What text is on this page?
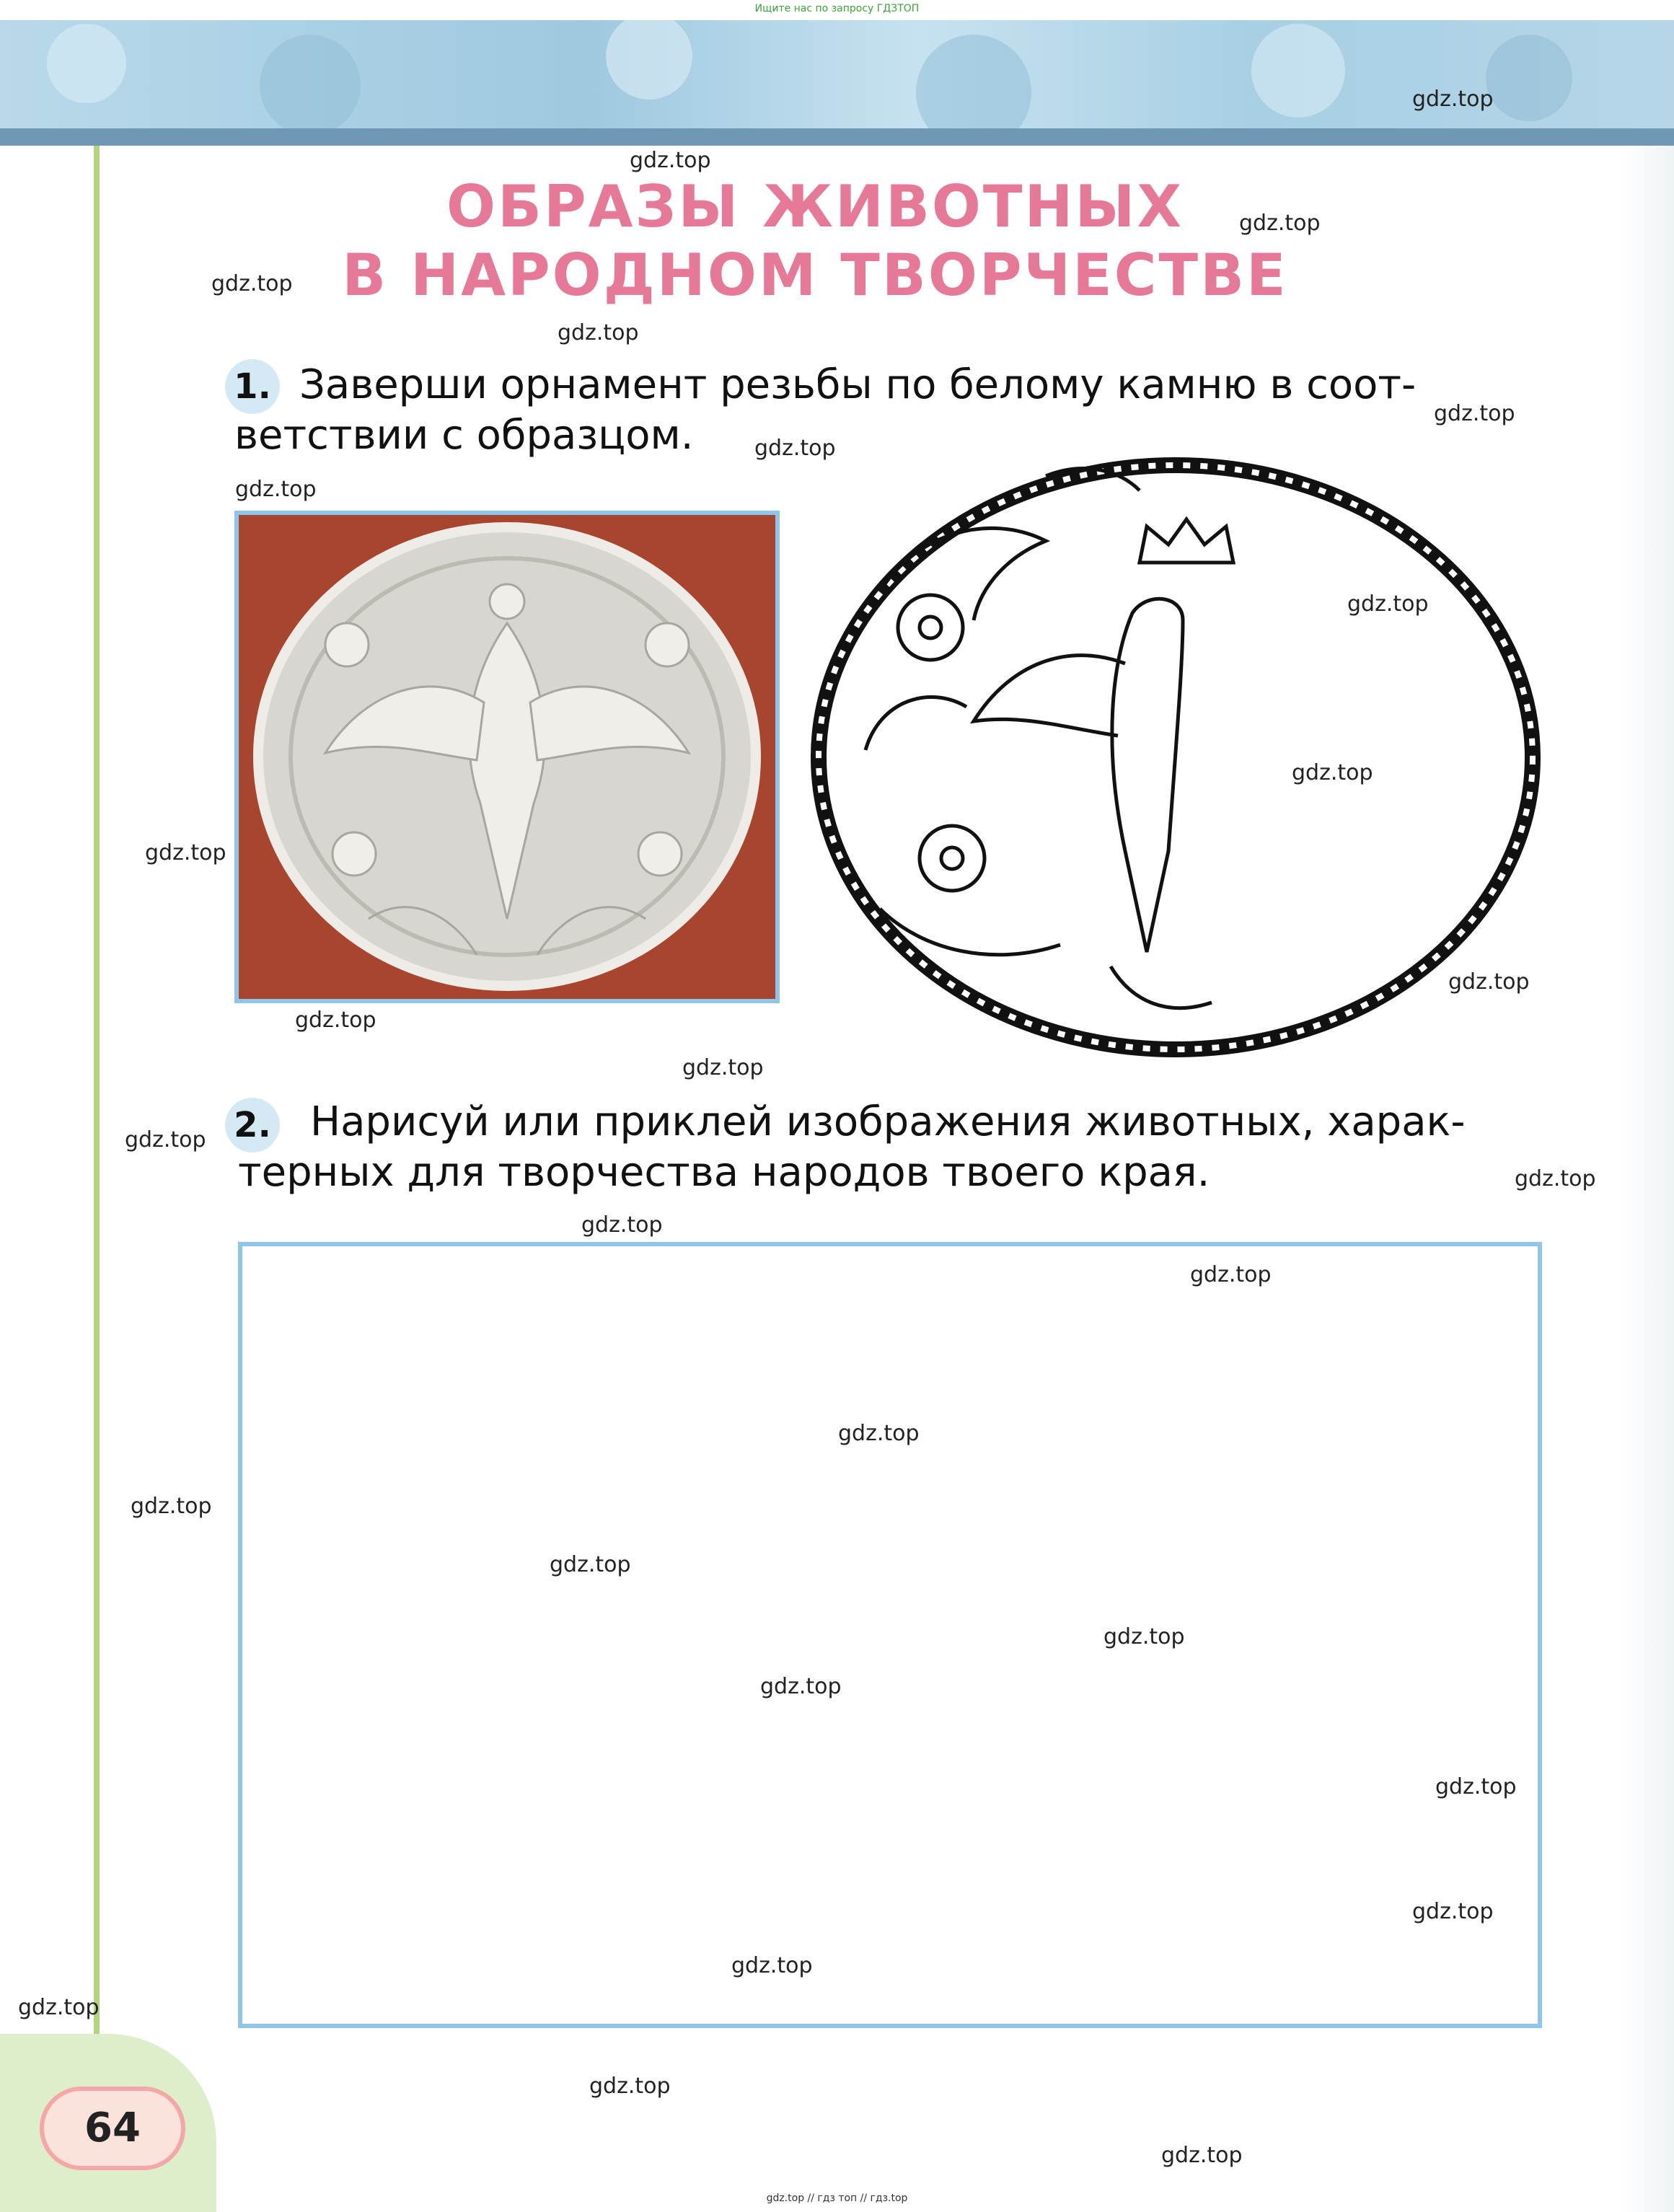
Ищите нас по запросу ГДЗТОП
64
ОБРАЗЫ ЖИВОТНЫХ
В НАРОДНОМ ТВОРЧЕСТВЕ
1. Заверши орнамент резьбы по белому камню в соот-
ветствии с образцом.
2. Нарисуй или приклей изображения животных, харак-
терных для творчества народов твоего края.
gdz.top
gdz.top
gdz.top
gdz.top
gdz.top
gdz.top
gdz.top
gdz.top
gdz.top
gdz.top
gdz.top
gdz.top
gdz.top
gdz.top
gdz.top
gdz.top
gdz.top
gdz.top
gdz.top
gdz.top
gdz.top
gdz.top
gdz.top
gdz.top
gdz.top
gdz.top
gdz.top
gdz.top
gdz.top
gdz.top // гдз топ // гдз.top
